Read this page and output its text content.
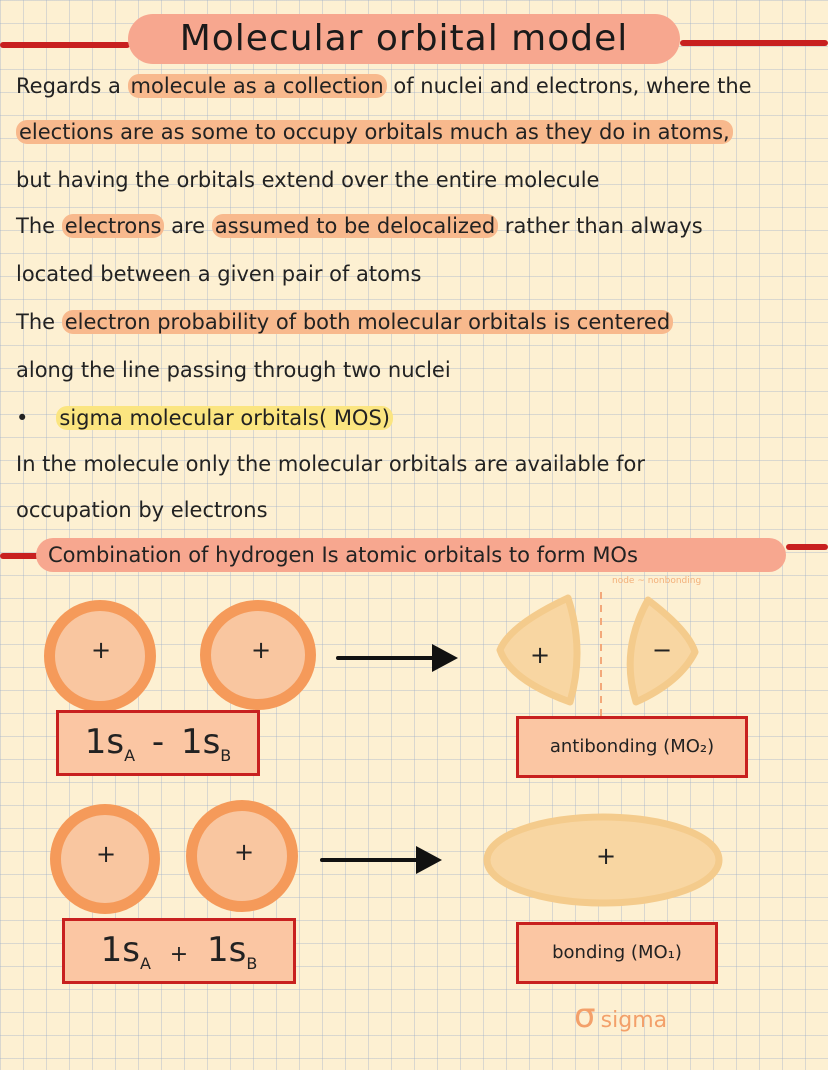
Molecular orbital model
Regards a molecule as a collection of nuclei and electrons, where the
elections are as some to occupy orbitals much as they do in atoms,
but having the orbitals extend over the entire molecule
The electrons are assumed to be delocalized rather than always
located between a given pair of atoms
The electron probability of both molecular orbitals is centered
along the line passing through two nuclei
• sigma molecular orbitals( MOS)
In the molecule only the molecular orbitals are available for
occupation by electrons
Combination of hydrogen Is atomic orbitals to form MOs
+	+	+	−
node ~ nonbonding
$1s_A - 1s_B$	antibonding (MO₂)
+	+	+
$1s_A + 1s_B$
bonding (MO₁)
σ sigma
